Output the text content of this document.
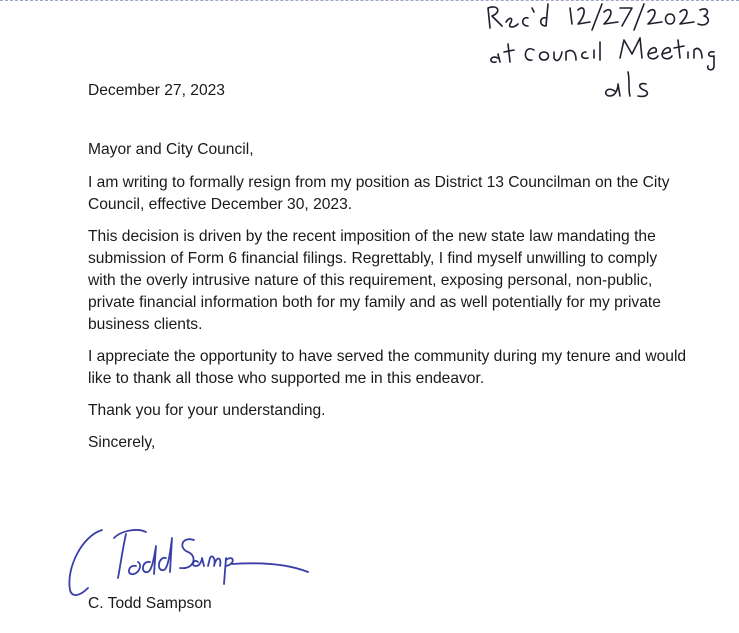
December 27, 2023

Mayor and City Council,

I am writing to formally resign from my position as District 13 Councilman on the City Council, effective December 30, 2023.

This decision is driven by the recent imposition of the new state law mandating the submission of Form 6 financial filings. Regrettably, I find myself unwilling to comply with the overly intrusive nature of this requirement, exposing personal, non-public, private financial information both for my family and as well potentially for my private business clients.

I appreciate the opportunity to have served the community during my tenure and would like to thank all those who supported me in this endeavor.

Thank you for your understanding.

Sincerely,

C. Todd Sampson
